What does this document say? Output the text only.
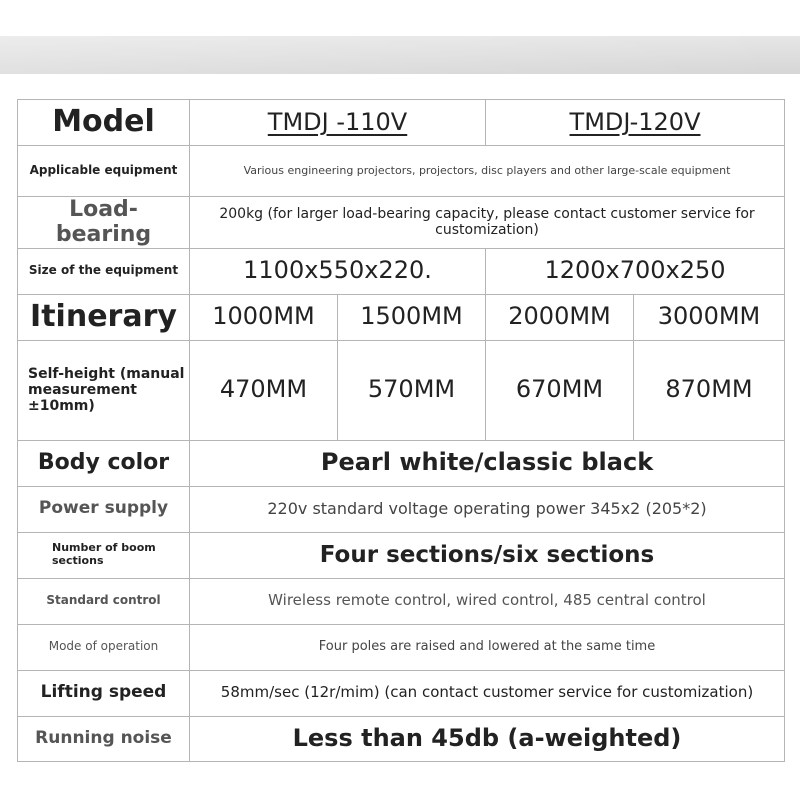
Model	TMDJ -110V		TMDJ-120V	
Applicable equipment	Various engineering projectors, projectors, disc players and other large-scale equipment			
Load-bearing	200kg (for larger load-bearing capacity, please contact customer service for customization)			
Size of the equipment	1100x550x220.		1200x700x250	
Itinerary	1000MM	1500MM	2000MM	3000MM
Self-height (manual measurement ±10mm)	470MM	570MM	670MM	870MM
Body color	Pearl white/classic black			
Power supply	220v standard voltage operating power 345x2 (205*2)			
Number of boom sections	Four sections/six sections			
Standard control	Wireless remote control, wired control, 485 central control			
Mode of operation	Four poles are raised and lowered at the same time			
Lifting speed	58mm/sec (12r/mim) (can contact customer service for customization)			
Running noise	Less than 45db (a-weighted)			
